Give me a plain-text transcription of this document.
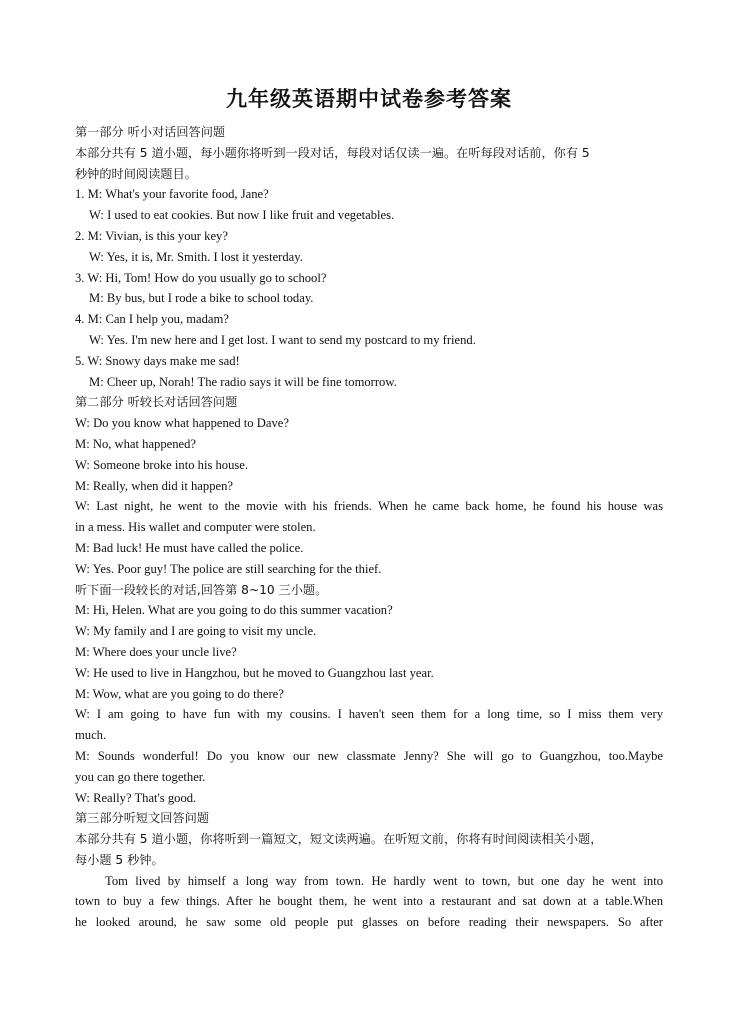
九年级英语期中试卷参考答案
第一部分 听小对话回答问题
本部分共有 5 道小题，每小题你将听到一段对话，每段对话仅读一遍。在听每段对话前，你有 5
秒钟的时间阅读题目。
1. M: What's your favorite food, Jane?
W: I used to eat cookies. But now I like fruit and vegetables.
2. M: Vivian, is this your key?
W: Yes, it is, Mr. Smith. I lost it yesterday.
3. W: Hi, Tom! How do you usually go to school?
M: By bus, but I rode a bike to school today.
4. M: Can I help you, madam?
W: Yes. I'm new here and I get lost. I want to send my postcard to my friend.
5. W: Snowy days make me sad!
M: Cheer up, Norah! The radio says it will be fine tomorrow.
第二部分 听较长对话回答问题
W: Do you know what happened to Dave?
M: No, what happened?
W: Someone broke into his house.
M: Really, when did it happen?
W: Last night, he went to the movie with his friends. When he came back home, he found his house was
in a mess. His wallet and computer were stolen.
M: Bad luck! He must have called the police.
W: Yes. Poor guy! The police are still searching for the thief.
听下面一段较长的对话,回答第 8~10 三小题。
M: Hi, Helen. What are you going to do this summer vacation?
W: My family and I are going to visit my uncle.
M: Where does your uncle live?
W: He used to live in Hangzhou, but he moved to Guangzhou last year.
M: Wow, what are you going to do there?
W: I am going to have fun with my cousins. I haven't seen them for a long time, so I miss them very
much.
M: Sounds wonderful! Do you know our new classmate Jenny? She will go to Guangzhou, too.Maybe
you can go there together.
W: Really? That's good.
第三部分听短文回答问题
本部分共有 5 道小题，你将听到一篇短文，短文读两遍。在听短文前，你将有时间阅读相关小题，
每小题 5 秒钟。
Tom lived by himself a long way from town. He hardly went to town, but one day he went into
town to buy a few things. After he bought them, he went into a restaurant and sat down at a table.When
he looked around, he saw some old people put glasses on before reading their newspapers. So after
